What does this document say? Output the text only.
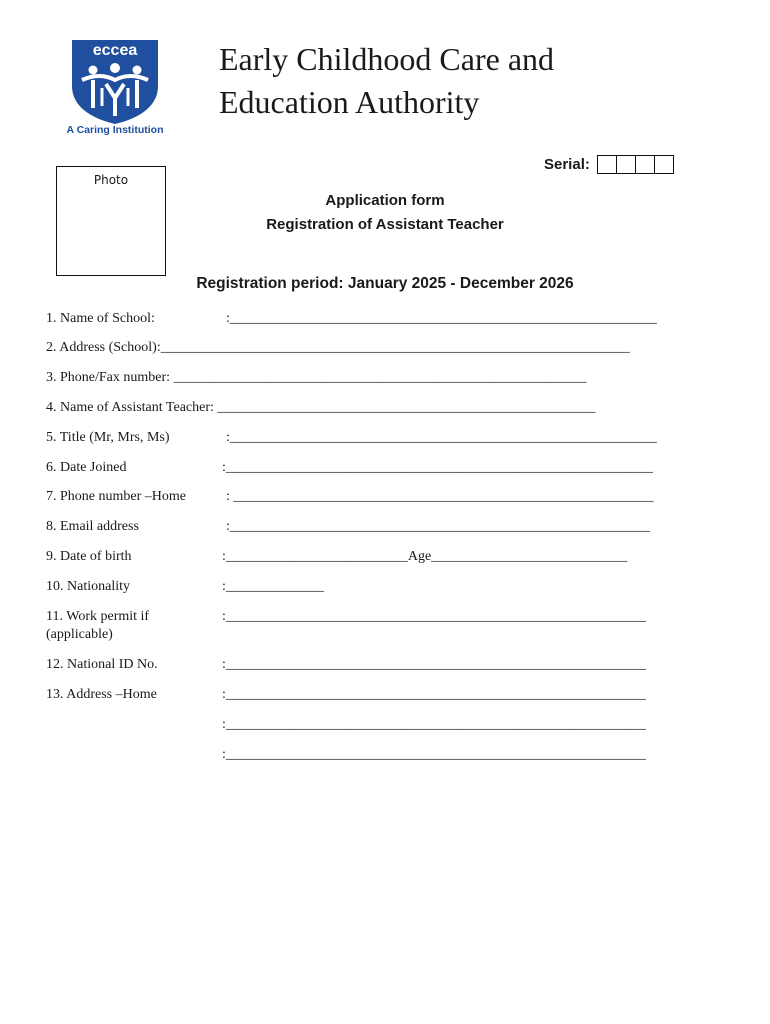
eccea
A Caring Institution
Early Childhood Care and
Education Authority
Serial:
Photo
Application form
Registration of Assistant Teacher
Registration period: January 2025 - December 2026
1. Name of School:	:_____________________________________________________________
2. Address (School):___________________________________________________________________
3. Phone/Fax number: ___________________________________________________________
4. Name of Assistant Teacher: ______________________________________________________
5. Title (Mr, Mrs, Ms)	:_____________________________________________________________
6. Date Joined	:_____________________________________________________________
7. Phone number –Home	: ____________________________________________________________
8. Email address	:____________________________________________________________
9. Date of birth	:__________________________Age____________________________
10. Nationality	:______________
11. Work permit if
(applicable)
:____________________________________________________________
12. National ID No.	:____________________________________________________________
13. Address –Home	:____________________________________________________________
:____________________________________________________________
:____________________________________________________________
